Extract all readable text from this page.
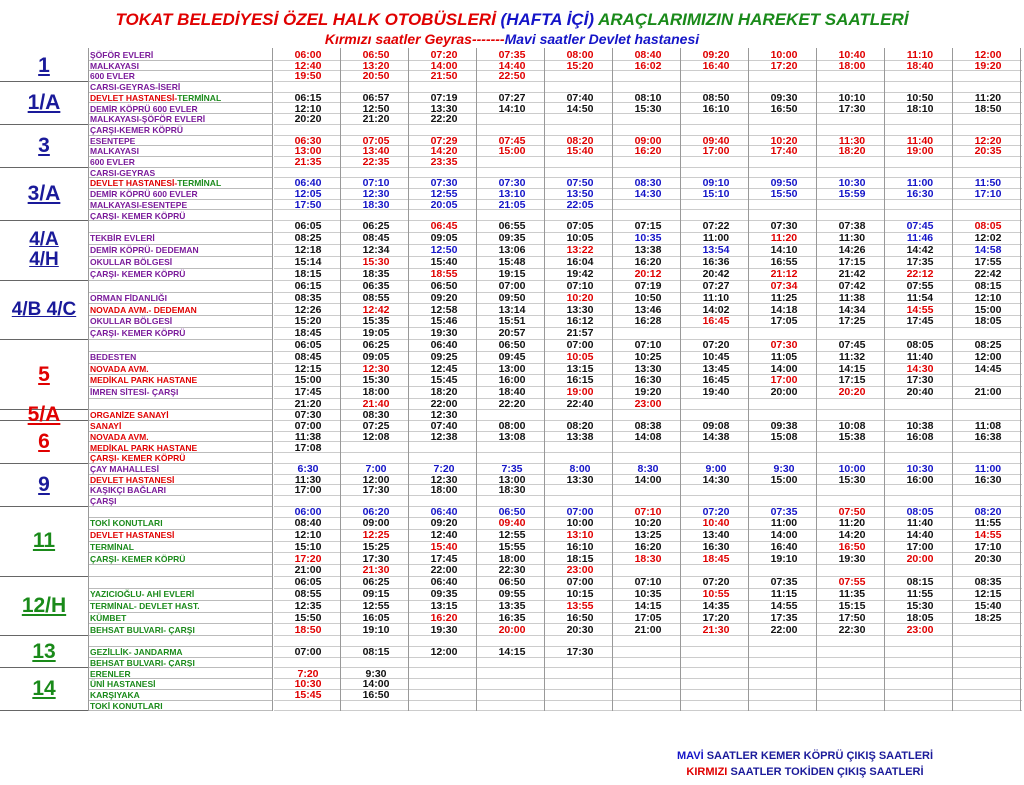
TOKAT BELEDİYESİ ÖZEL HALK OTOBÜSLERİ (HAFTA İÇİ) ARAÇLARIMIZIN HAREKET SAATLERİ
Kırmızı saatler Geyras-------Mavi saatler Devlet hastanesi
1	ŞÖFÖR EVLERİ	06:00	06:50	07:20	07:35	08:00	08:40	09:20	10:00	10:40	11:10	12:00
MALKAYASI	12:40	13:20	14:00	14:40	15:20	16:02	16:40	17:20	18:00	18:40	19:20
600 EVLER	19:50	20:50	21:50	22:50
1/A
CARSI-GEYRAS-İSERİ
DEVLET HASTANESİ-TERMİNAL	06:15	06:57	07:19	07:27	07:40	08:10	08:50	09:30	10:10	10:50	11:20
DEMİR KÖPRÜ 600 EVLER	12:10	12:50	13:30	14:10	14:50	15:30	16:10	16:50	17:30	18:10	18:50
MALKAYASI-ŞÖFÖR EVLERİ	20:20	21:20	22:20
3
ÇARŞI-KEMER KÖPRÜ
ESENTEPE	06:30	07:05	07:29	07:45	08:20	09:00	09:40	10:20	11:30	11:40	12:20
MALKAYASI	13:00	13:40	14:20	15:00	15:40	16:20	17:00	17:40	18:20	19:00	20:35
600 EVLER	21:35	22:35	23:35
3/A
CARSI-GEYRAS
DEVLET HASTANESİ-TERMİNAL	06:40	07:10	07:30	07:30	07:50	08:30	09:10	09:50	10:30	11:00	11:50
DEMİR KÖPRÜ 600 EVLER	12:05	12:30	12:55	13:10	13:50	14:30	15:10	15:50	15:59	16:30	17:10
MALKAYASI-ESENTEPE	17:50	18:30	20:05	21:05	22:05
ÇARŞI- KEMER KÖPRÜ
4/A
4/H
06:05	06:25	06:45	06:55	07:05	07:15	07:22	07:30	07:38	07:45	08:05
TEKBİR EVLERİ	08:25	08:45	09:05	09:35	10:05	10:35	11:00	11:20	11:30	11:46	12:02
DEMİR KÖPRÜ- DEDEMAN	12:18	12:34	12:50	13:06	13:22	13:38	13:54	14:10	14:26	14:42	14:58
OKULLAR BÖLGESİ	15:14	15:30	15:40	15:48	16:04	16:20	16:36	16:55	17:15	17:35	17:55
ÇARŞI- KEMER KÖPRÜ	18:15	18:35	18:55	19:15	19:42	20:12	20:42	21:12	21:42	22:12	22:42
4/B 4/C
06:15	06:35	06:50	07:00	07:10	07:19	07:27	07:34	07:42	07:55	08:15
ORMAN FİDANLIĞI	08:35	08:55	09:20	09:50	10:20	10:50	11:10	11:25	11:38	11:54	12:10
NOVADA AVM.- DEDEMAN	12:26	12:42	12:58	13:14	13:30	13:46	14:02	14:18	14:34	14:55	15:00
OKULLAR BÖLGESİ	15:20	15:35	15:46	15:51	16:12	16:28	16:45	17:05	17:25	17:45	18:05
ÇARŞI- KEMER KÖPRÜ	18:45	19:05	19:30	20:57	21:57
5
06:05	06:25	06:40	06:50	07:00	07:10	07:20	07:30	07:45	08:05	08:25
BEDESTEN	08:45	09:05	09:25	09:45	10:05	10:25	10:45	11:05	11:32	11:40	12:00
NOVADA AVM.	12:15	12:30	12:45	13:00	13:15	13:30	13:45	14:00	14:15	14:30	14:45
MEDİKAL PARK HASTANE	15:00	15:30	15:45	16:00	16:15	16:30	16:45	17:00	17:15	17:30
İMREN SİTESİ- ÇARŞI	17:45	18:00	18:20	18:40	19:00	19:20	19:40	20:00	20:20	20:40	21:00
21:20	21:40	22:00	22:20	22:40	23:00
5/A	ORGANİZE SANAYİ	07:30	08:30	12:30
6
SANAYİ	07:00	07:25	07:40	08:00	08:20	08:38	09:08	09:38	10:08	10:38	11:08
NOVADA AVM.	11:38	12:08	12:38	13:08	13:38	14:08	14:38	15:08	15:38	16:08	16:38
MEDİKAL PARK HASTANE	17:08
ÇARŞI- KEMER KÖPRÜ
9
ÇAY MAHALLESİ	6:30	7:00	7:20	7:35	8:00	8:30	9:00	9:30	10:00	10:30	11:00
DEVLET HASTANESİ	11:30	12:00	12:30	13:00	13:30	14:00	14:30	15:00	15:30	16:00	16:30
KAŞIKÇI BAĞLARI	17:00	17:30	18:00	18:30
ÇARŞI
11
06:00	06:20	06:40	06:50	07:00	07:10	07:20	07:35	07:50	08:05	08:20
TOKİ KONUTLARI	08:40	09:00	09:20	09:40	10:00	10:20	10:40	11:00	11:20	11:40	11:55
DEVLET HASTANESİ	12:10	12:25	12:40	12:55	13:10	13:25	13:40	14:00	14:20	14:40	14:55
TERMİNAL	15:10	15:25	15:40	15:55	16:10	16:20	16:30	16:40	16:50	17:00	17:10
ÇARŞI- KEMER KÖPRÜ	17:20	17:30	17:45	18:00	18:15	18:30	18:45	19:10	19:30	20:00	20:30
21:00	21:30	22:00	22:30	23:00
12/H
06:05	06:25	06:40	06:50	07:00	07:10	07:20	07:35	07:55	08:15	08:35
YAZICIOĞLU- AHİ EVLERİ	08:55	09:15	09:35	09:55	10:15	10:35	10:55	11:15	11:35	11:55	12:15
TERMİNAL- DEVLET HAST.	12:35	12:55	13:15	13:35	13:55	14:15	14:35	14:55	15:15	15:30	15:40
KÜMBET	15:50	16:05	16:20	16:35	16:50	17:05	17:20	17:35	17:50	18:05	18:25
BEHSAT BULVARI- ÇARŞI	18:50	19:10	19:30	20:00	20:30	21:00	21:30	22:00	22:30	23:00
13	GEZİLLİK- JANDARMA	07:00	08:15	12:00	14:15	17:30
BEHSAT BULVARI- ÇARŞI
14
ERENLER	7:20	9:30
ÜNİ HASTANESİ	10:30	14:00
KARŞIYAKA	15:45	16:50
TOKİ KONUTLARI
MAVİ SAATLER KEMER KÖPRÜ ÇIKIŞ SAATLERİ
KIRMIZI SAATLER TOKİDEN ÇIKIŞ SAATLERİ
